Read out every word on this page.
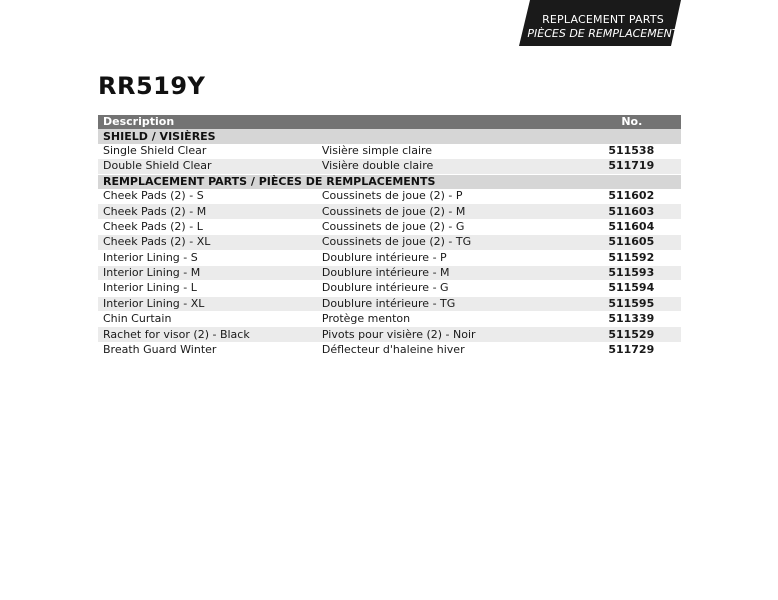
REPLACEMENT PARTS
PIÈCES DE REMPLACEMENT
RR519Y
Description		No.
SHIELD / VISIÈRES		
Single Shield Clear	Visière simple claire	511538
Double Shield Clear	Visière double claire	511719
REMPLACEMENT PARTS / PIÈCES DE REMPLACEMENTS		
Cheek Pads (2) - S	Coussinets de joue (2) - P	511602
Cheek Pads (2) - M	Coussinets de joue (2) - M	511603
Cheek Pads (2) - L	Coussinets de joue (2) - G	511604
Cheek Pads (2) - XL	Coussinets de joue (2) - TG	511605
Interior Lining - S	Doublure intérieure - P	511592
Interior Lining - M	Doublure intérieure - M	511593
Interior Lining - L	Doublure intérieure - G	511594
Interior Lining - XL	Doublure intérieure - TG	511595
Chin Curtain	Protège menton	511339
Rachet for visor (2) - Black	Pivots pour visière (2) - Noir	511529
Breath Guard Winter	Déflecteur d'haleine hiver	511729
